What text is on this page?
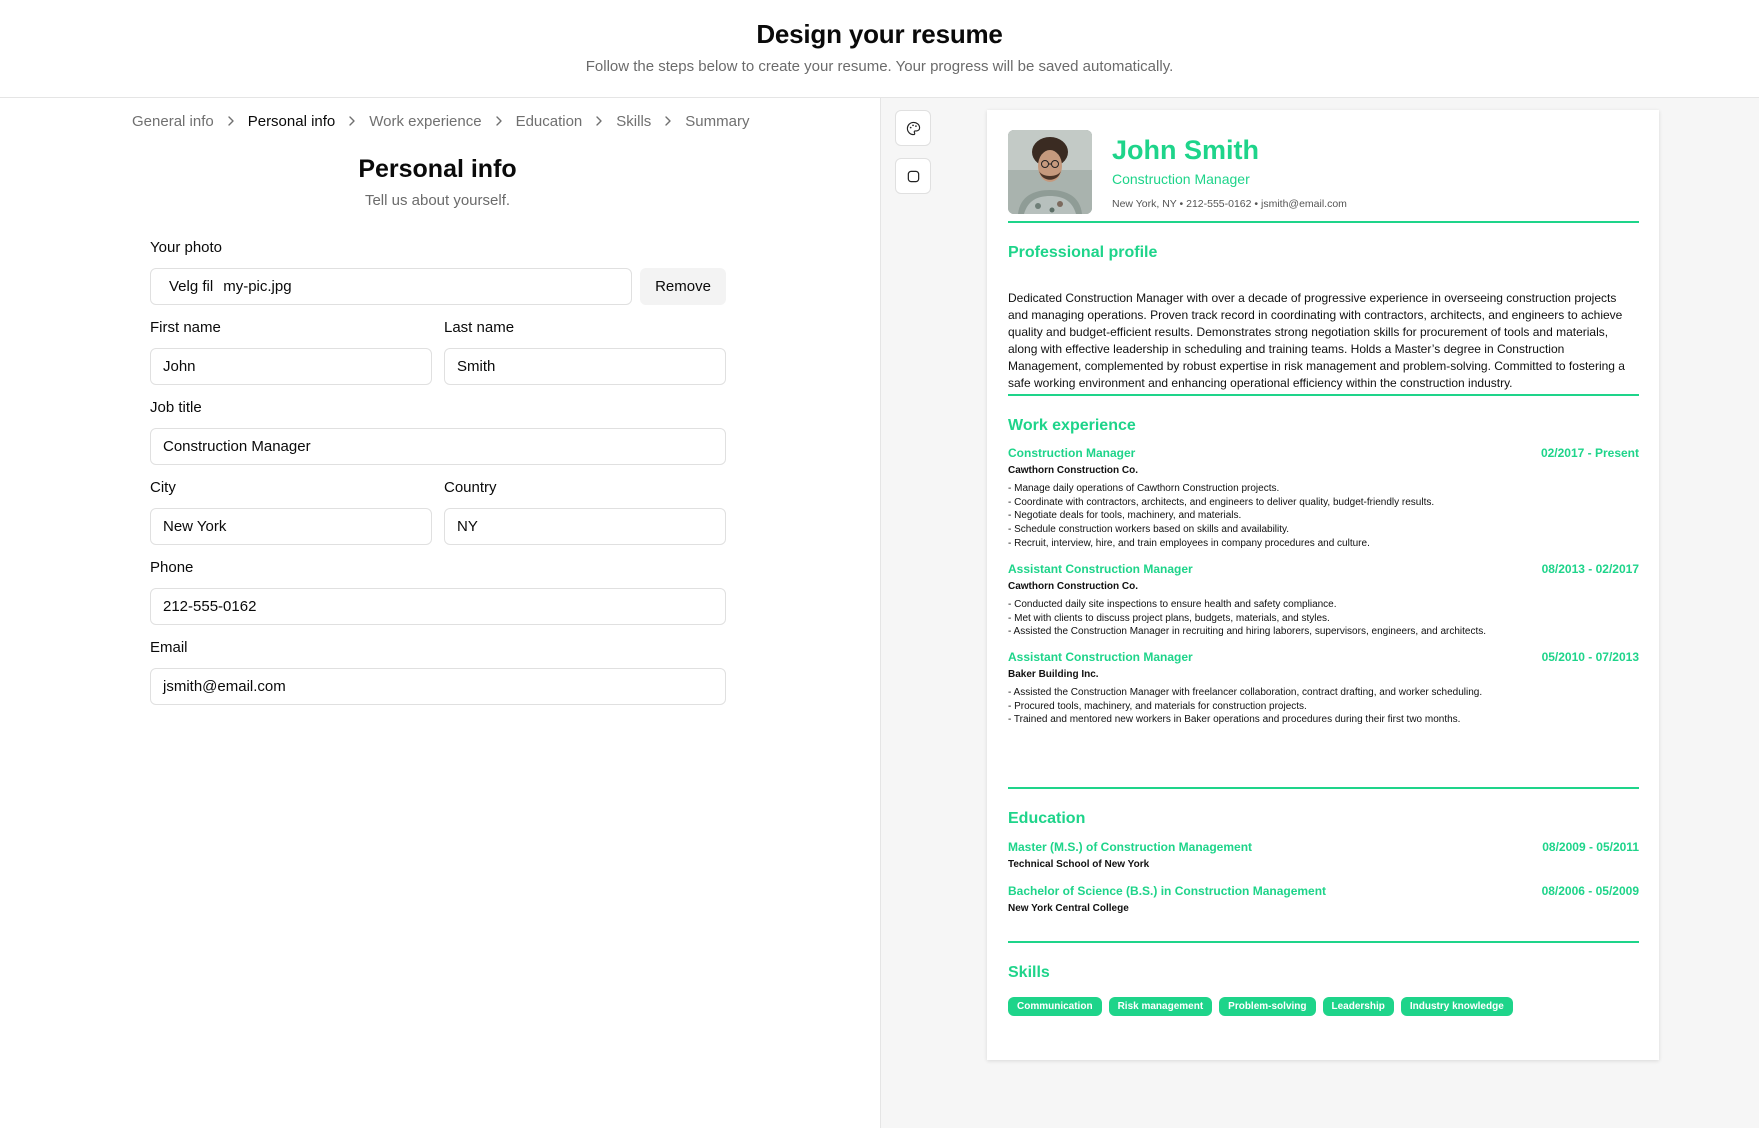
Design your resume

Follow the steps below to create your resume. Your progress will be saved automatically.

General info Personal info Work experience Education Skills Summary
Personal info

Tell us about yourself.

Your photo
Velg fil my-pic.jpg	Remove
First name
John
Last name
Smith
Job title
Construction Manager
City
New York
Country
NY
Phone
212-555-0162
Email
jsmith@email.com
John Smith
Construction Manager
New York, NY • 212-555-0162 • jsmith@email.com
Professional profile
Dedicated Construction Manager with over a decade of progressive experience in overseeing construction projects and managing operations. Proven track record in coordinating with contractors, architects, and engineers to achieve quality and budget-efficient results. Demonstrates strong negotiation skills for procurement of tools and materials, along with effective leadership in scheduling and training teams. Holds a Master’s degree in Construction Management, complemented by robust expertise in risk management and problem-solving. Committed to fostering a safe working environment and enhancing operational efficiency within the construction industry.
Work experience
Construction Manager	02/2017 - Present
Cawthorn Construction Co.
- Manage daily operations of Cawthorn Construction projects.
- Coordinate with contractors, architects, and engineers to deliver quality, budget-friendly results.
- Negotiate deals for tools, machinery, and materials.
- Schedule construction workers based on skills and availability.
- Recruit, interview, hire, and train employees in company procedures and culture.
Assistant Construction Manager	08/2013 - 02/2017
Cawthorn Construction Co.
- Conducted daily site inspections to ensure health and safety compliance.
- Met with clients to discuss project plans, budgets, materials, and styles.
- Assisted the Construction Manager in recruiting and hiring laborers, supervisors, engineers, and architects.
Assistant Construction Manager	05/2010 - 07/2013
Baker Building Inc.
- Assisted the Construction Manager with freelancer collaboration, contract drafting, and worker scheduling.
- Procured tools, machinery, and materials for construction projects.
- Trained and mentored new workers in Baker operations and procedures during their first two months.
Education
Master (M.S.) of Construction Management	08/2009 - 05/2011
Technical School of New York
Bachelor of Science (B.S.) in Construction Management	08/2006 - 05/2009
New York Central College
Skills
Communication	Risk management	Problem-solving	Leadership	Industry knowledge
